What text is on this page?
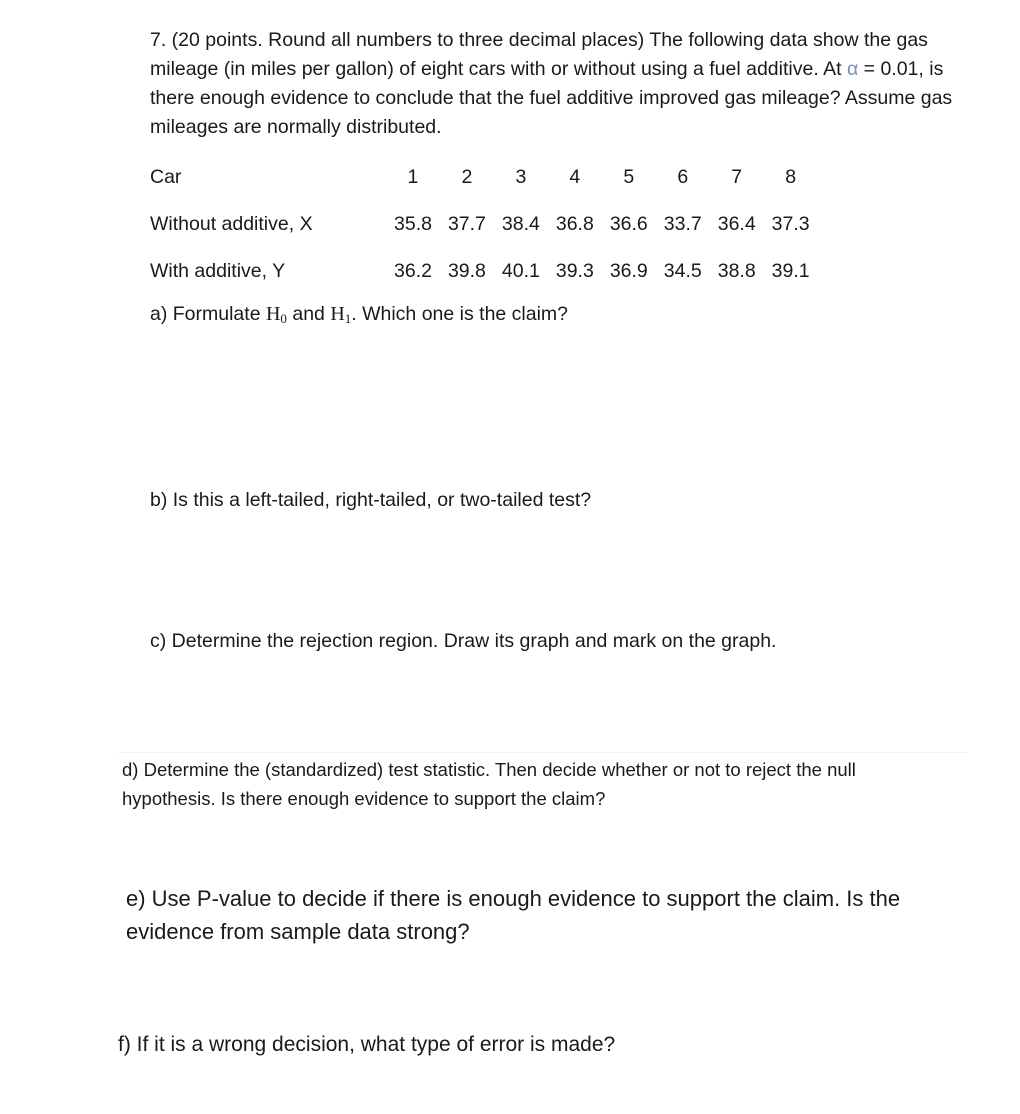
7. (20 points. Round all numbers to three decimal places) The following data show the gas mileage (in miles per gallon) of eight cars with or without using a fuel additive. At α = 0.01, is there enough evidence to conclude that the fuel additive improved gas mileage? Assume gas mileages are normally distributed.
Car	1	2	3	4	5	6	7	8
Without additive, X	35.8	37.7	38.4	36.8	36.6	33.7	36.4	37.3
With additive, Y	36.2	39.8	40.1	39.3	36.9	34.5	38.8	39.1
a) Formulate $H_0$ and $H_1$. Which one is the claim?
b) Is this a left-tailed, right-tailed, or two-tailed test?
c) Determine the rejection region. Draw its graph and mark on the graph.
d) Determine the (standardized) test statistic. Then decide whether or not to reject the null hypothesis. Is there enough evidence to support the claim?
e) Use P-value to decide if there is enough evidence to support the claim. Is the evidence from sample data strong?
f) If it is a wrong decision, what type of error is made?
